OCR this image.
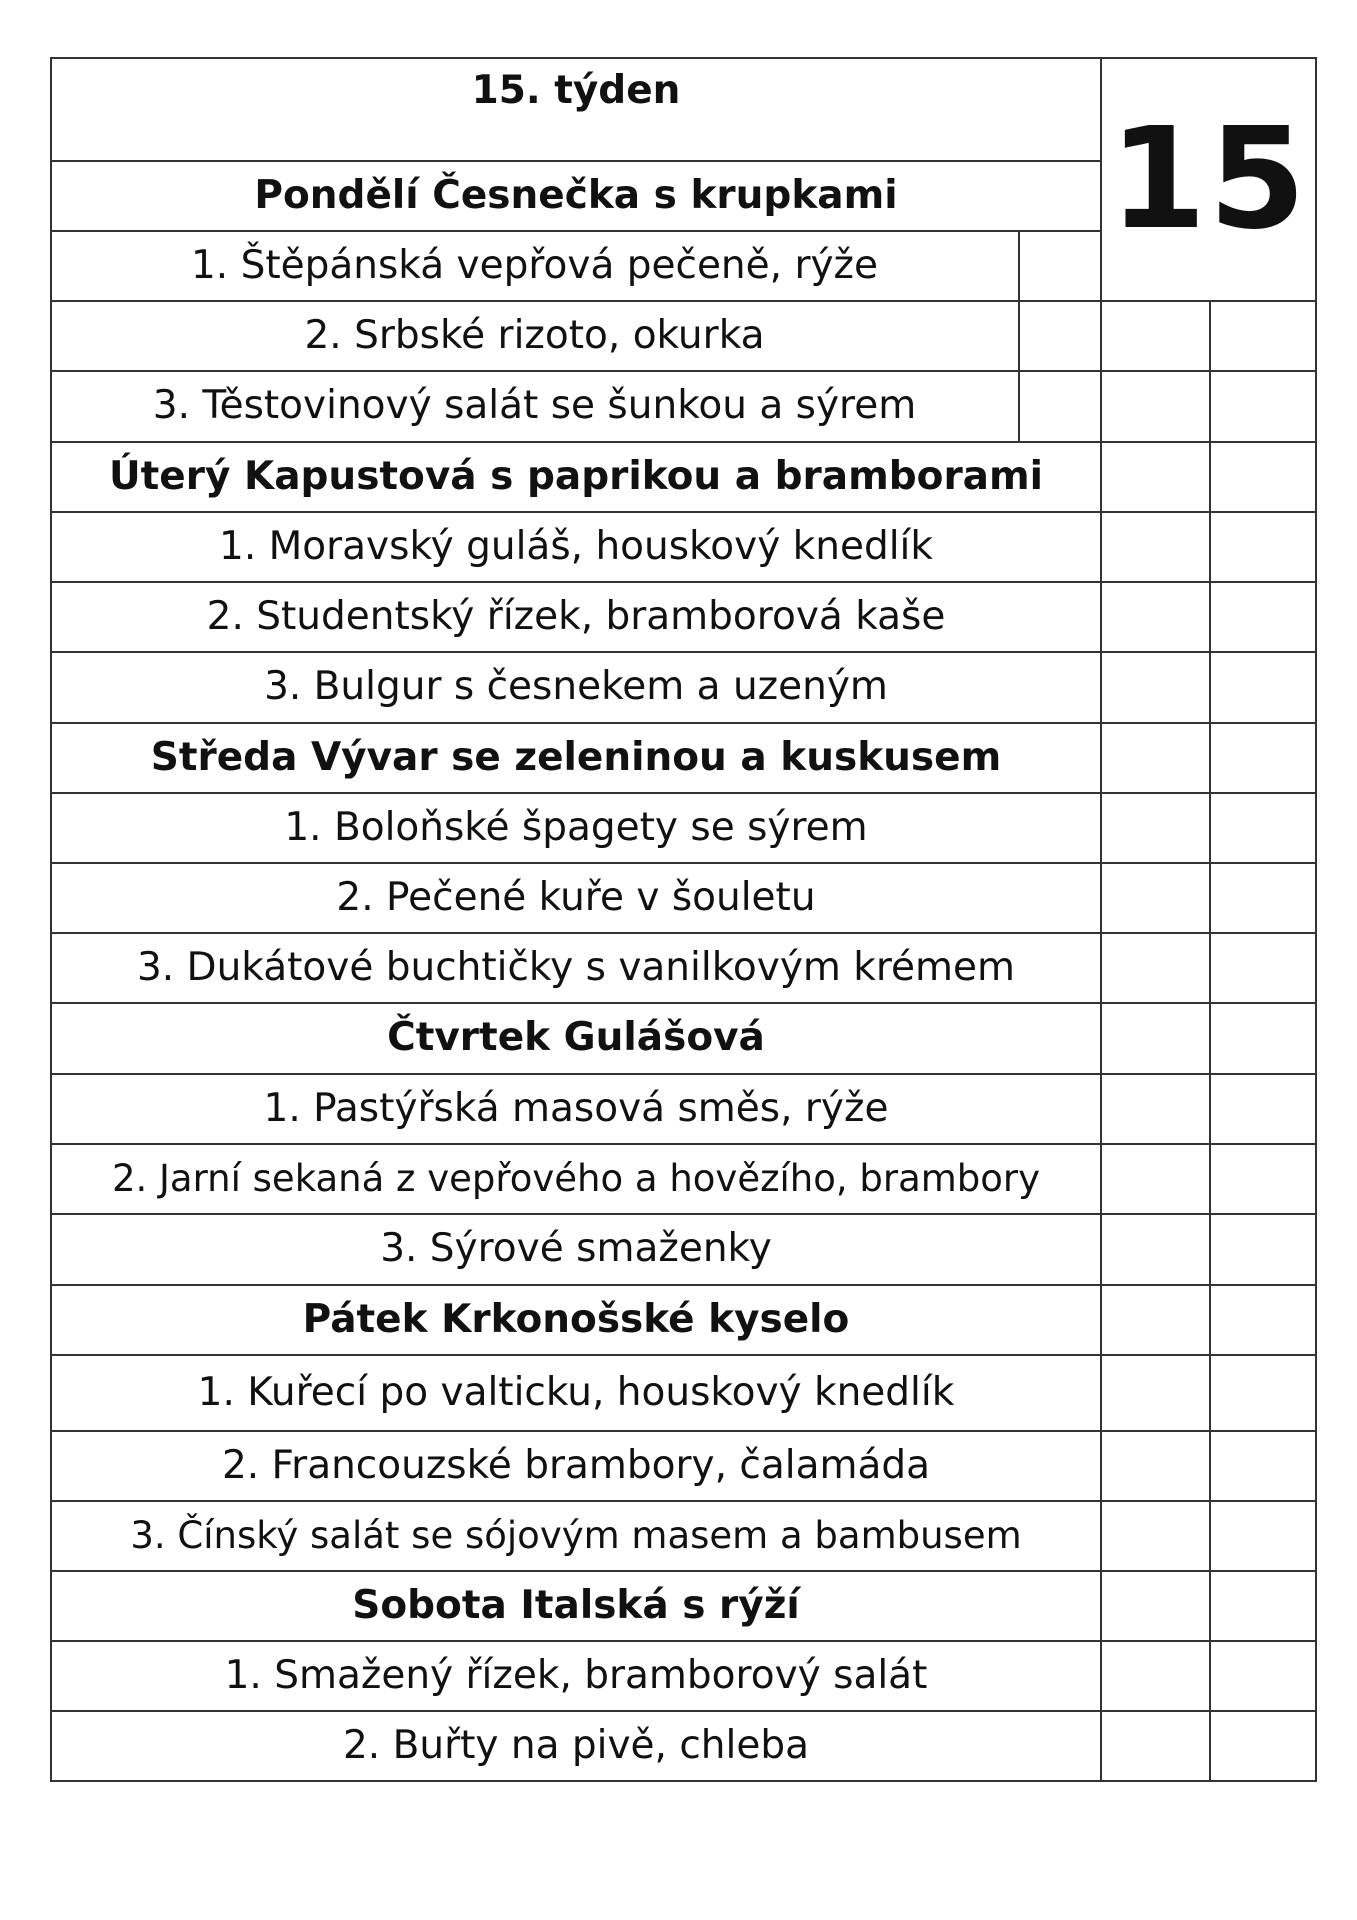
15
15. týden
Pondělí Česnečka s krupkami
1. Štěpánská vepřová pečeně, rýže
2. Srbské rizoto, okurka
3. Těstovinový salát se šunkou a sýrem
Úterý Kapustová s paprikou a bramborami
1. Moravský guláš, houskový knedlík
2. Studentský řízek, bramborová kaše
3. Bulgur s česnekem a uzeným
Středa Vývar se zeleninou a kuskusem
1. Boloňské špagety se sýrem
2. Pečené kuře v šouletu
3. Dukátové buchtičky s vanilkovým krémem
Čtvrtek Gulášová
1. Pastýřská masová směs, rýže
2. Jarní sekaná z vepřového a hovězího, brambory
3. Sýrové smaženky
Pátek Krkonošské kyselo
1. Kuřecí po valticku, houskový knedlík
2. Francouzské brambory, čalamáda
3. Čínský salát se sójovým masem a bambusem
Sobota Italská s rýží
1. Smažený řízek, bramborový salát
2. Buřty na pivě, chleba
